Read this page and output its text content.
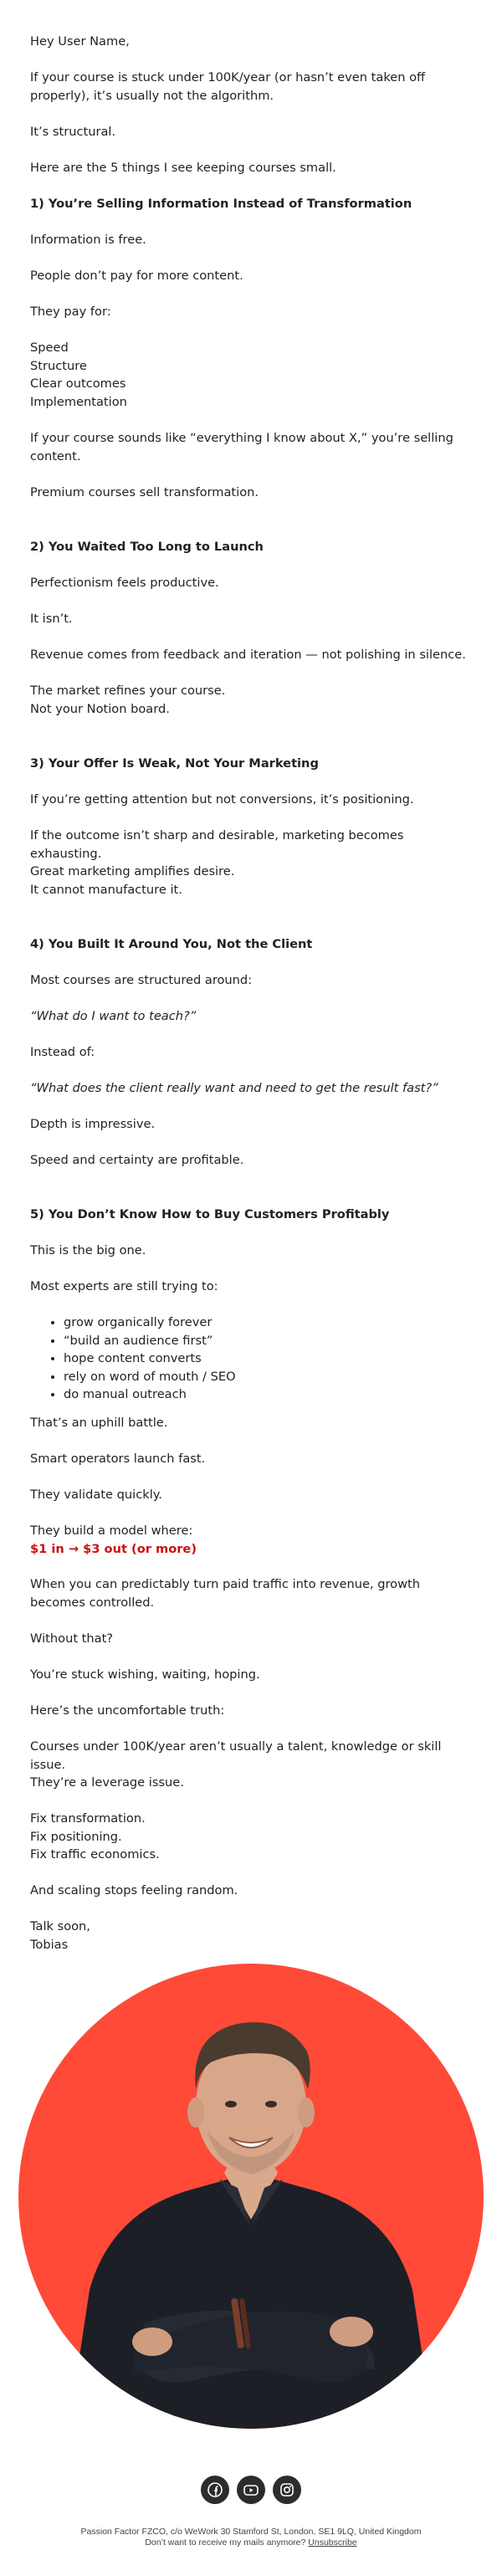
Hey User Name,

If your course is stuck under 100K/year (or hasn’t even taken off properly), it’s usually not the algorithm.

It’s structural.

Here are the 5 things I see keeping courses small.

1) You’re Selling Information Instead of Transformation

Information is free.

People don’t pay for more content.

They pay for:

Speed
Structure
Clear outcomes
Implementation

If your course sounds like “everything I know about X,” you’re selling content.

Premium courses sell transformation.

2) You Waited Too Long to Launch

Perfectionism feels productive.

It isn’t.

Revenue comes from feedback and iteration — not polishing in silence.

The market refines your course.
Not your Notion board.

3) Your Offer Is Weak, Not Your Marketing

If you’re getting attention but not conversions, it’s positioning.

If the outcome isn’t sharp and desirable, marketing becomes exhausting.

Great marketing amplifies desire.
It cannot manufacture it.

4) You Built It Around You, Not the Client

Most courses are structured around:

“What do I want to teach?”

Instead of:

“What does the client really want and need to get the result fast?”

Depth is impressive.

Speed and certainty are profitable.

5) You Don’t Know How to Buy Customers Profitably

This is the big one.

Most experts are still trying to:

• grow organically forever
• “build an audience first”
• hope content converts
• rely on word of mouth / SEO
• do manual outreach

That’s an uphill battle.

Smart operators launch fast.

They validate quickly.

They build a model where:
$1 in → $3 out (or more)

When you can predictably turn paid traffic into revenue, growth becomes controlled.

Without that?

You’re stuck wishing, waiting, hoping.

Here’s the uncomfortable truth:

Courses under 100K/year aren’t usually a talent, knowledge or skill issue.

They’re a leverage issue.

Fix transformation.
Fix positioning.
Fix traffic economics.

And scaling stops feeling random.

Talk soon,
Tobias
Passion Factor FZCO, c/o WeWork 30 Stamford St, London, SE1 9LQ, United Kingdom
Don’t want to receive my mails anymore? Unsubscribe
